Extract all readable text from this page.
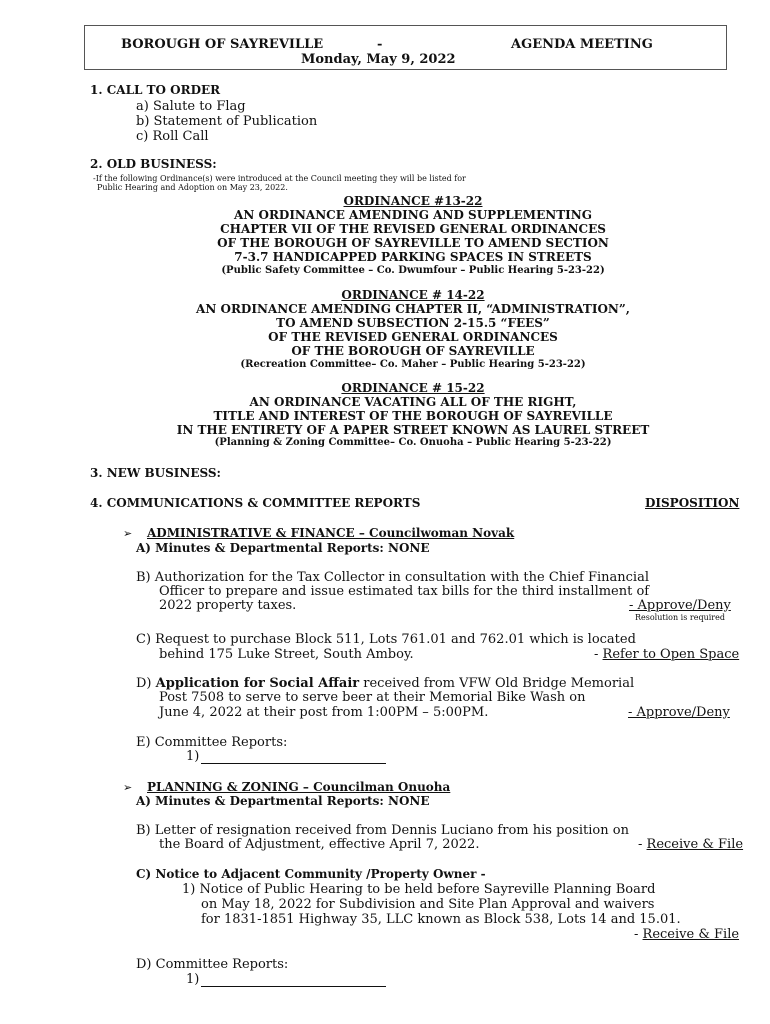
BOROUGH OF SAYREVILLE	-	AGENDA MEETING
Monday, May 9, 2022
1. CALL TO ORDER
a) Salute to Flag
b) Statement of Publication
c) Roll Call
2. OLD BUSINESS:
-If the following Ordinance(s) were introduced at the Council meeting they will be listed for
Public Hearing and Adoption on May 23, 2022.
ORDINANCE #13-22
AN ORDINANCE AMENDING AND SUPPLEMENTING
CHAPTER VII OF THE REVISED GENERAL ORDINANCES
OF THE BOROUGH OF SAYREVILLE TO AMEND SECTION
7-3.7 HANDICAPPED PARKING SPACES IN STREETS
(Public Safety Committee – Co. Dwumfour – Public Hearing 5-23-22)
ORDINANCE # 14-22
AN ORDINANCE AMENDING CHAPTER II, “ADMINISTRATION”,
TO AMEND SUBSECTION 2-15.5 “FEES”
OF THE REVISED GENERAL ORDINANCES
OF THE BOROUGH OF SAYREVILLE
(Recreation Committee– Co. Maher – Public Hearing 5-23-22)
ORDINANCE # 15-22
AN ORDINANCE VACATING ALL OF THE RIGHT,
TITLE AND INTEREST OF THE BOROUGH OF SAYREVILLE
IN THE ENTIRETY OF A PAPER STREET KNOWN AS LAUREL STREET
(Planning & Zoning Committee– Co. Onuoha – Public Hearing 5-23-22)
3. NEW BUSINESS:
4. COMMUNICATIONS & COMMITTEE REPORTS	DISPOSITION
➢ ADMINISTRATIVE & FINANCE – Councilwoman Novak
A) Minutes & Departmental Reports: NONE
B) Authorization for the Tax Collector in consultation with the Chief Financial
Officer to prepare and issue estimated tax bills for the third installment of
2022 property taxes.	- Approve/Deny
Resolution is required
C) Request to purchase Block 511, Lots 761.01 and 762.01 which is located
behind 175 Luke Street, South Amboy.	- Refer to Open Space
D) Application for Social Affair received from VFW Old Bridge Memorial
Post 7508 to serve to serve beer at their Memorial Bike Wash on
June 4, 2022 at their post from 1:00PM – 5:00PM.	- Approve/Deny
E) Committee Reports:
1)
➢ PLANNING & ZONING – Councilman Onuoha
A) Minutes & Departmental Reports: NONE
B) Letter of resignation received from Dennis Luciano from his position on
the Board of Adjustment, effective April 7, 2022.	- Receive & File
C) Notice to Adjacent Community /Property Owner -
1) Notice of Public Hearing to be held before Sayreville Planning Board
on May 18, 2022 for Subdivision and Site Plan Approval and waivers
for 1831-1851 Highway 35, LLC known as Block 538, Lots 14 and 15.01.
- Receive & File
D) Committee Reports:
1)
